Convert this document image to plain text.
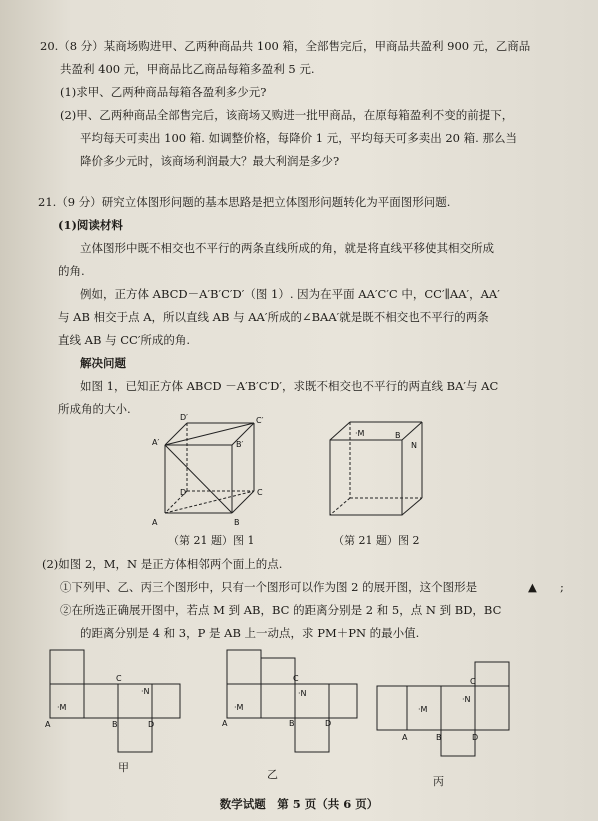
20.（8 分）某商场购进甲、乙两种商品共 100 箱，全部售完后，甲商品共盈利 900 元，乙商品
共盈利 400 元，甲商品比乙商品每箱多盈利 5 元.
(1)求甲、乙两种商品每箱各盈利多少元?
(2)甲、乙两种商品全部售完后，该商场又购进一批甲商品，在原每箱盈利不变的前提下，
平均每天可卖出 100 箱. 如调整价格，每降价 1 元，平均每天可多卖出 20 箱. 那么当
降价多少元时，该商场利润最大？最大利润是多少?
21.（9 分）研究立体图形问题的基本思路是把立体图形问题转化为平面图形问题.
(1)阅读材料
立体图形中既不相交也不平行的两条直线所成的角，就是将直线平移使其相交所成
的角.
例如，正方体 ABCD－A′B′C′D′（图 1）. 因为在平面 AA′C′C 中，CC′∥AA′，AA′
与 AB 相交于点 A，所以直线 AB 与 AA′所成的∠BAA′就是既不相交也不平行的两条
直线 AB 与 CC′所成的角.
解决问题
如图 1，已知正方体 ABCD －A′B′C′D′，求既不相交也不平行的两直线 BA′与 AC
所成角的大小.
A	B
C
D
A′	B′
C′
D′
·M	B
N
（第 21 题）图 1	（第 21 题）图 2
(2)如图 2，M，N 是正方体相邻两个面上的点.
①下列甲、乙、丙三个图形中，只有一个图形可以作为图 2 的展开图，这个图形是	▲ ;
②在所选正确展开图中，若点 M 到 AB，BC 的距离分别是 2 和 5，点 N 到 BD，BC
的距离分别是 4 和 3，P 是 AB 上一动点，求 PM＋PN 的最小值.
·M
A	B	D
C
·N
·M
A	B	D
C
·N
·M
A	B	D
C
·N
甲
乙
丙
数学试题　第 5 页（共 6 页）
